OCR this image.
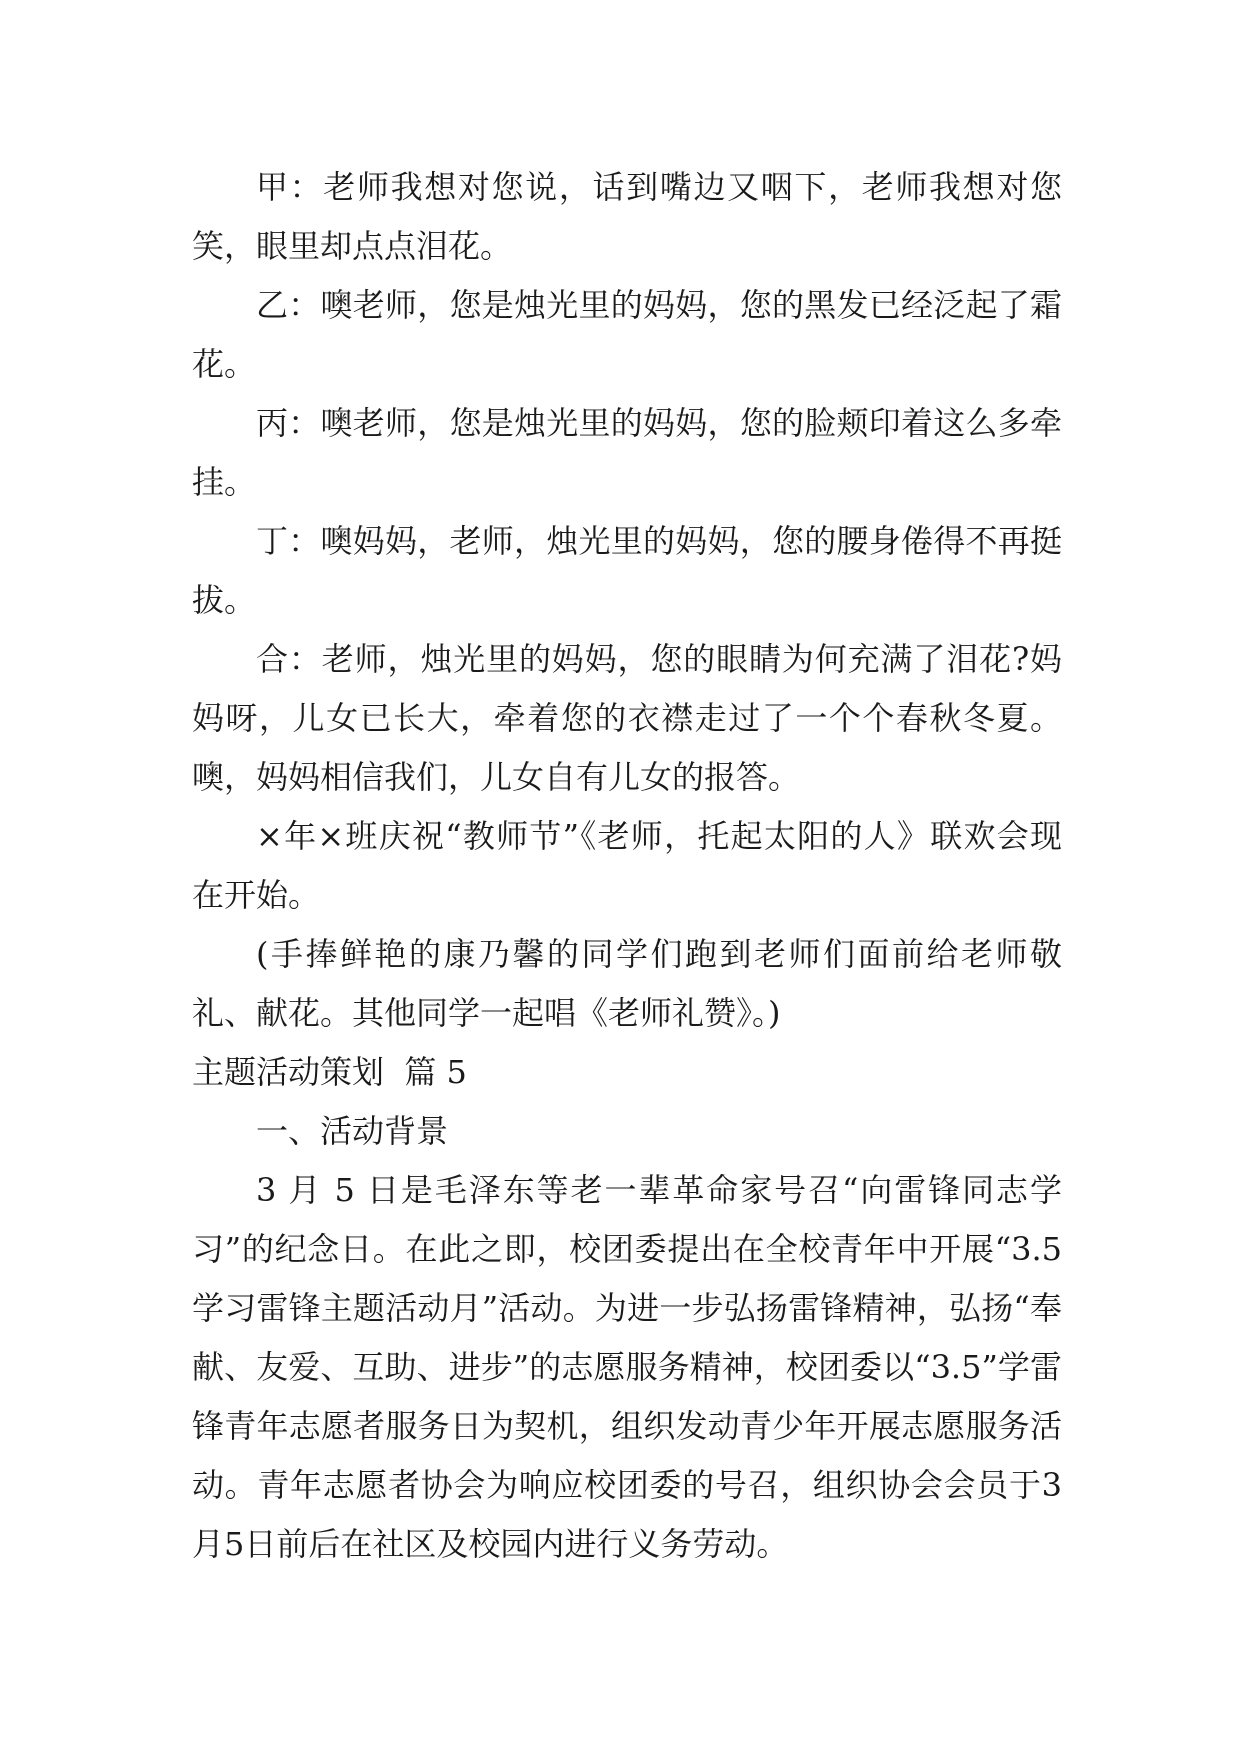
甲：老师我想对您说，话到嘴边又咽下，老师我想对您笑，眼里却点点泪花。

乙：噢老师，您是烛光里的妈妈，您的黑发已经泛起了霜花。

丙：噢老师，您是烛光里的妈妈，您的脸颊印着这么多牵挂。

丁：噢妈妈，老师，烛光里的妈妈，您的腰身倦得不再挺拔。

合：老师，烛光里的妈妈，您的眼睛为何充满了泪花?妈妈呀，儿女已长大，牵着您的衣襟走过了一个个春秋冬夏。噢，妈妈相信我们，儿女自有儿女的报答。

×年×班庆祝“教师节”《老师，托起太阳的人》联欢会现在开始。

(手捧鲜艳的康乃馨的同学们跑到老师们面前给老师敬礼、献花。其他同学一起唱《老师礼赞》。)

主题活动策划  篇 5

一、活动背景

3 月 5 日是毛泽东等老一辈革命家号召“向雷锋同志学习”的纪念日。在此之即，校团委提出在全校青年中开展“3.5 学习雷锋主题活动月”活动。为进一步弘扬雷锋精神，弘扬“奉献、友爱、互助、进步”的志愿服务精神，校团委以“3.5”学雷锋青年志愿者服务日为契机，组织发动青少年开展志愿服务活动。青年志愿者协会为响应校团委的号召，组织协会会员于3月5日前后在社区及校园内进行义务劳动。
